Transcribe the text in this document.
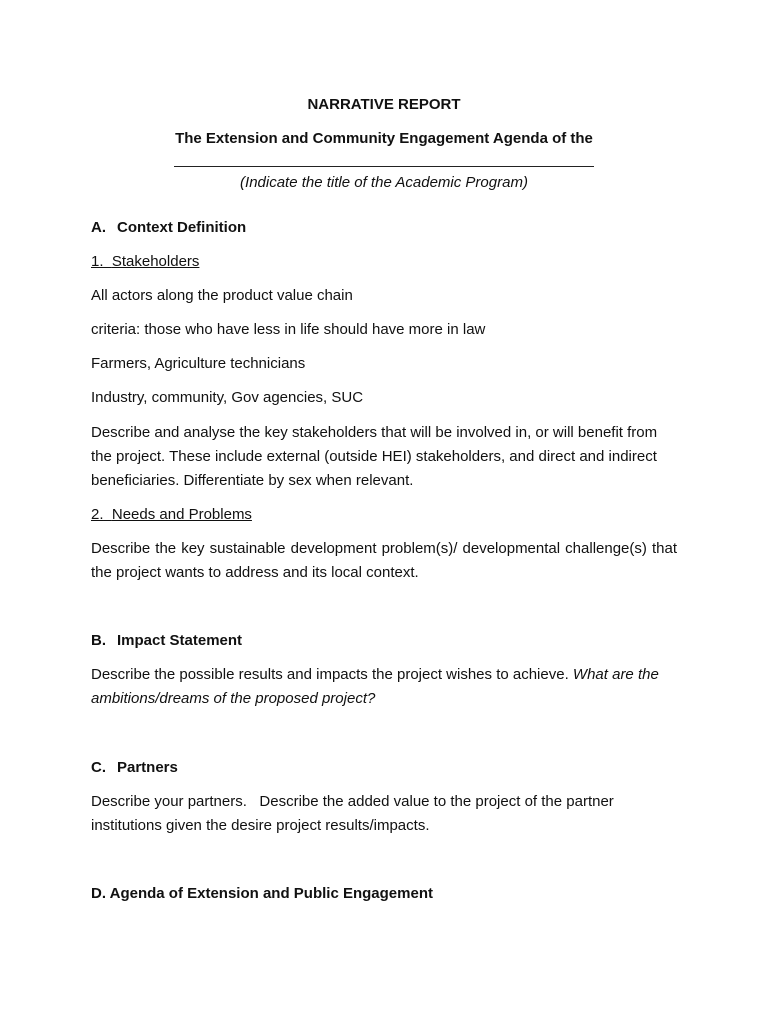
NARRATIVE REPORT

The Extension and Community Engagement Agenda of the

(Indicate the title of the Academic Program)

A. Context Definition

1. Stakeholders

All actors along the product value chain

criteria: those who have less in life should have more in law

Farmers, Agriculture technicians

Industry, community, Gov agencies, SUC

Describe and analyse the key stakeholders that will be involved in, or will benefit from the project. These include external (outside HEI) stakeholders, and direct and indirect beneficiaries. Differentiate by sex when relevant.

2. Needs and Problems

Describe the key sustainable development problem(s)/ developmental challenge(s) that the project wants to address and its local context.

B. Impact Statement

Describe the possible results and impacts the project wishes to achieve. What are the ambitions/dreams of the proposed project?

C. Partners

Describe your partners.   Describe the added value to the project of the partner institutions given the desire project results/impacts.

D. Agenda of Extension and Public Engagement
